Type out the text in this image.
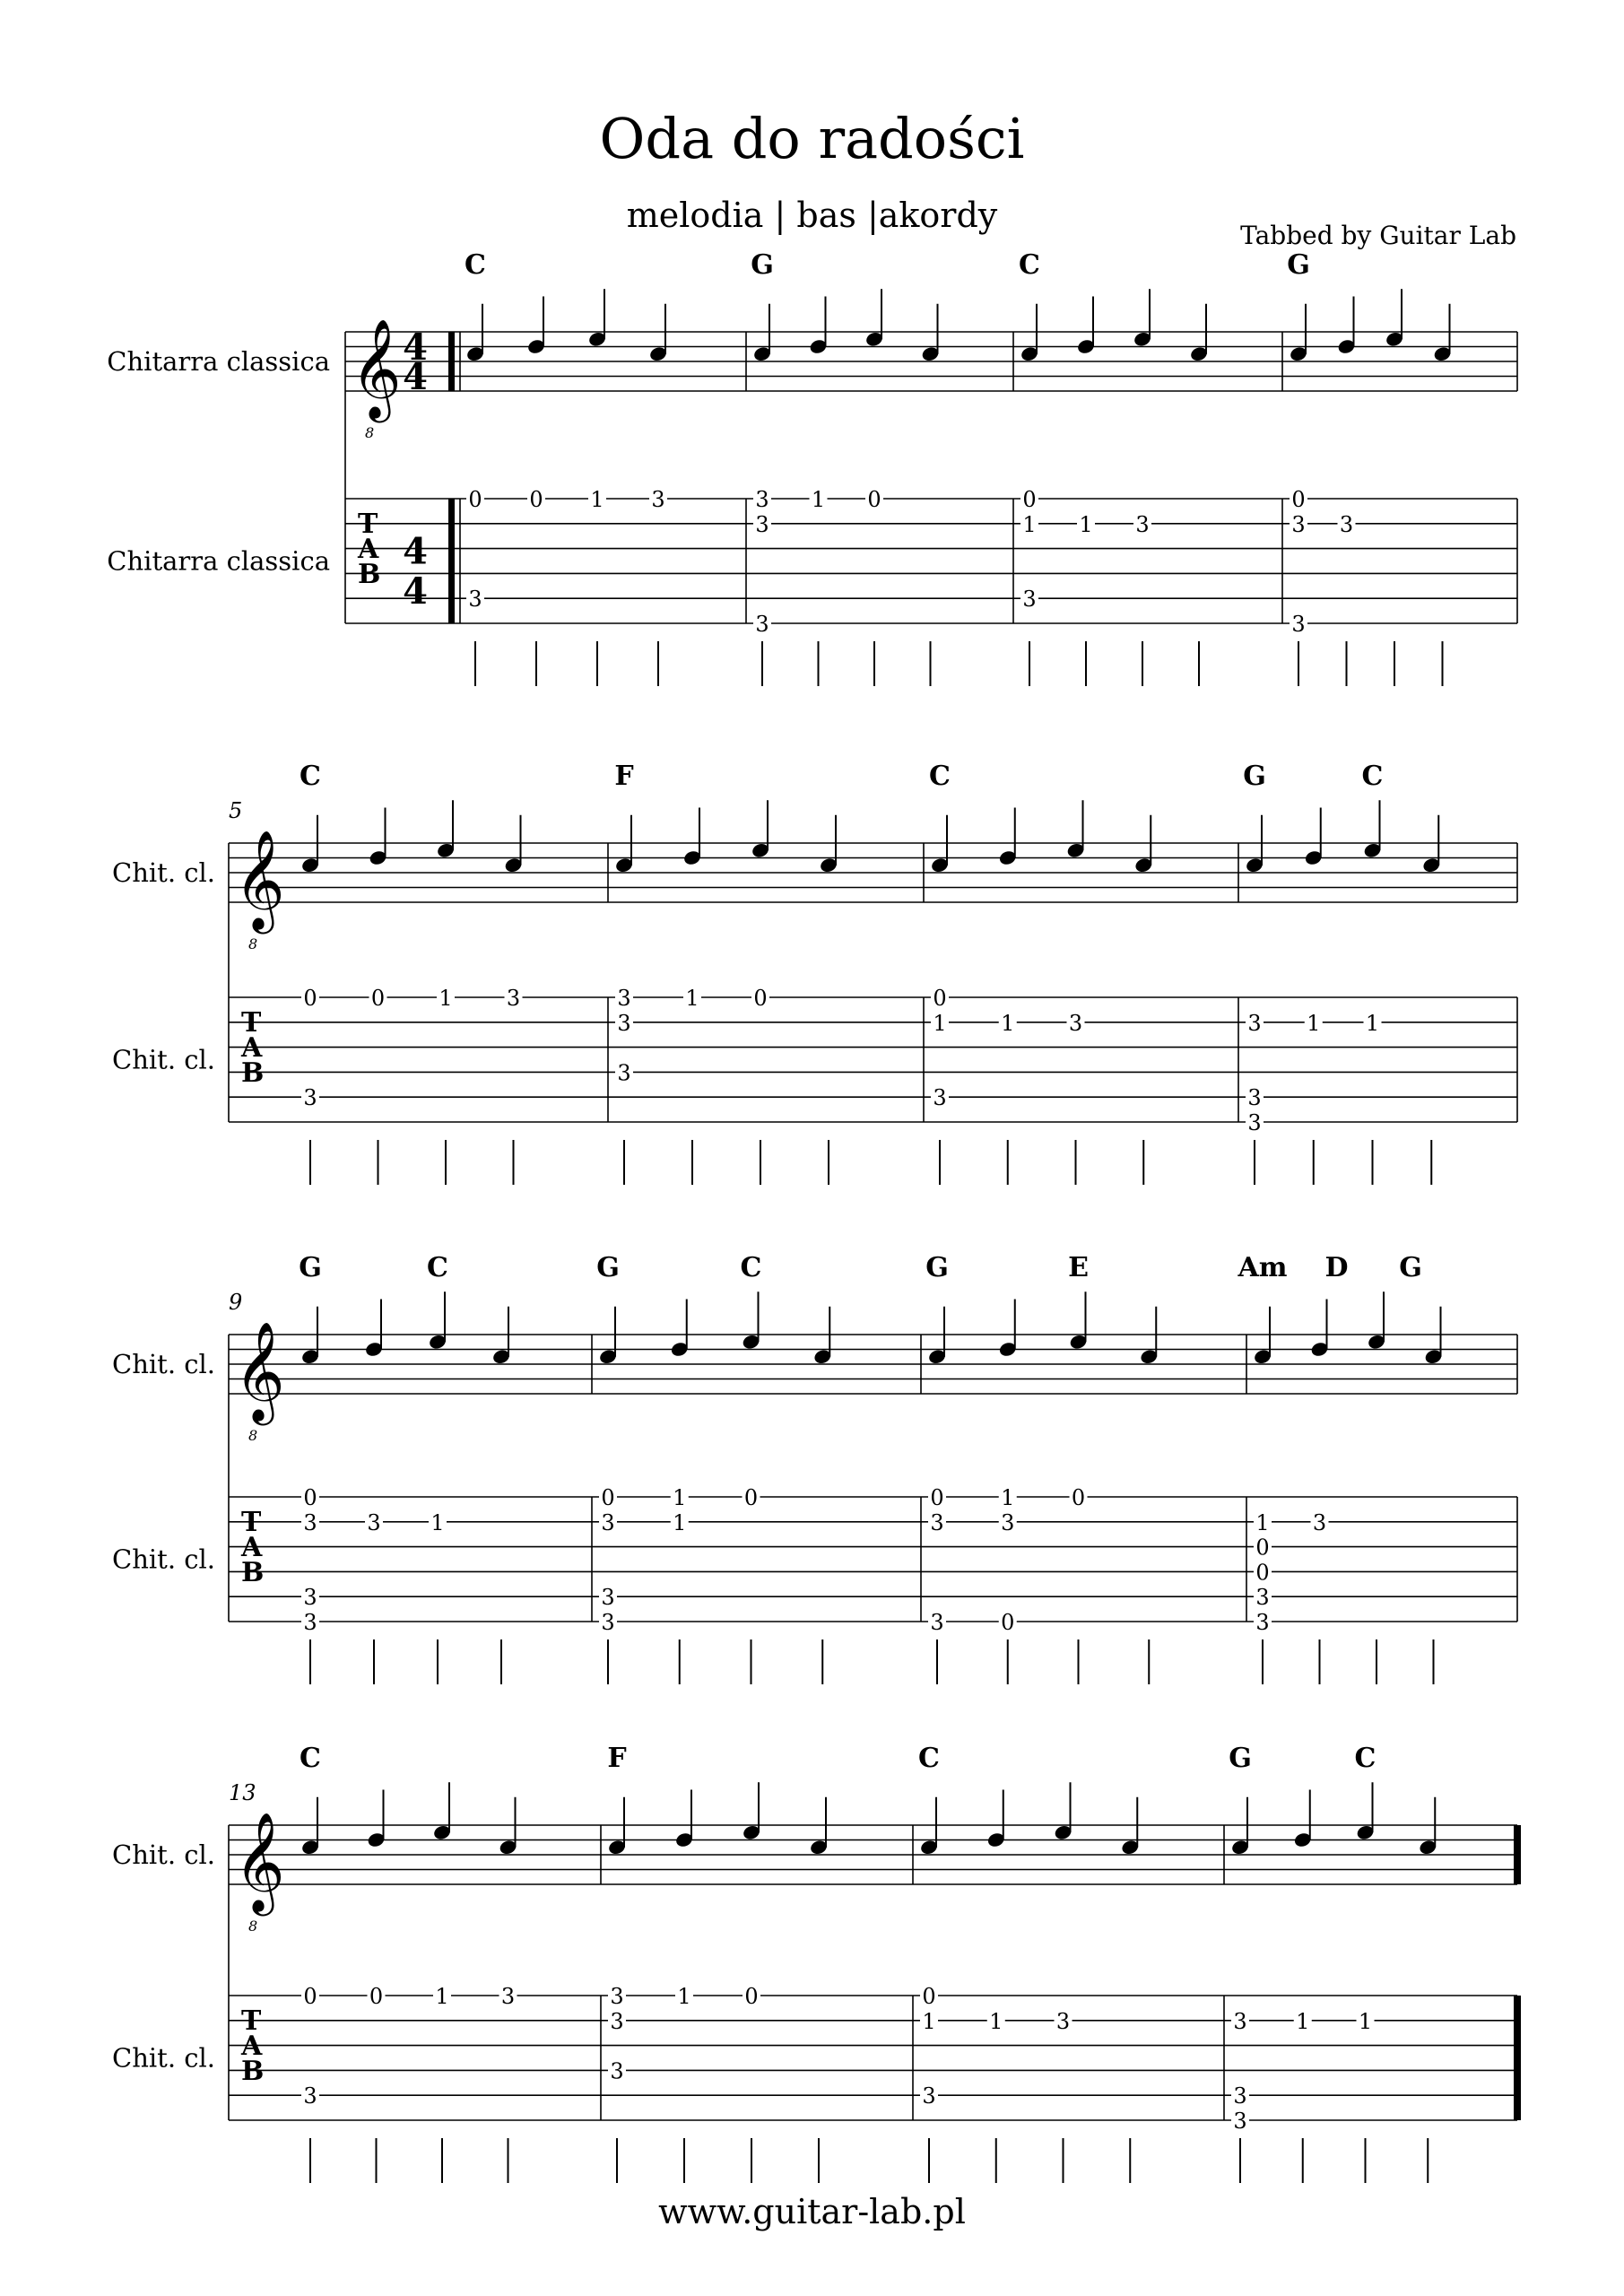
Oda do radości
melodia | bas |akordy
Tabbed by Guitar Lab
Chitarra classica
Chitarra classica
𝄞
8
T
A
B
4
4
4
4
C
0 0 1 3
3
G
3 1 0
3
3
C
0
1 1 3
3
G
0
3 3
3
Chit. cl.
Chit. cl.
5
𝄞
8
T
A
B
C
0	0	1	3
3
F
3	1	0
3
3
C
0
1	1	3
3
G	C
3 1 1
3
3
Chit. cl.
Chit. cl.
9
𝄞
8
T
A
B
G	C
0
3 3 1
3
3
G	C
0	1	0
3	1
3
3
G	E
0	1	0
3	3
3	0
Am D G
1 3
0
0
3
3
Chit. cl.
Chit. cl.
13
𝄞
8
T
A
B
C
0 0 1 3
3
F
3 1 0
3
3
C
0
1 1 3
3
G	C
3 1 1
3
3
www.guitar-lab.pl
